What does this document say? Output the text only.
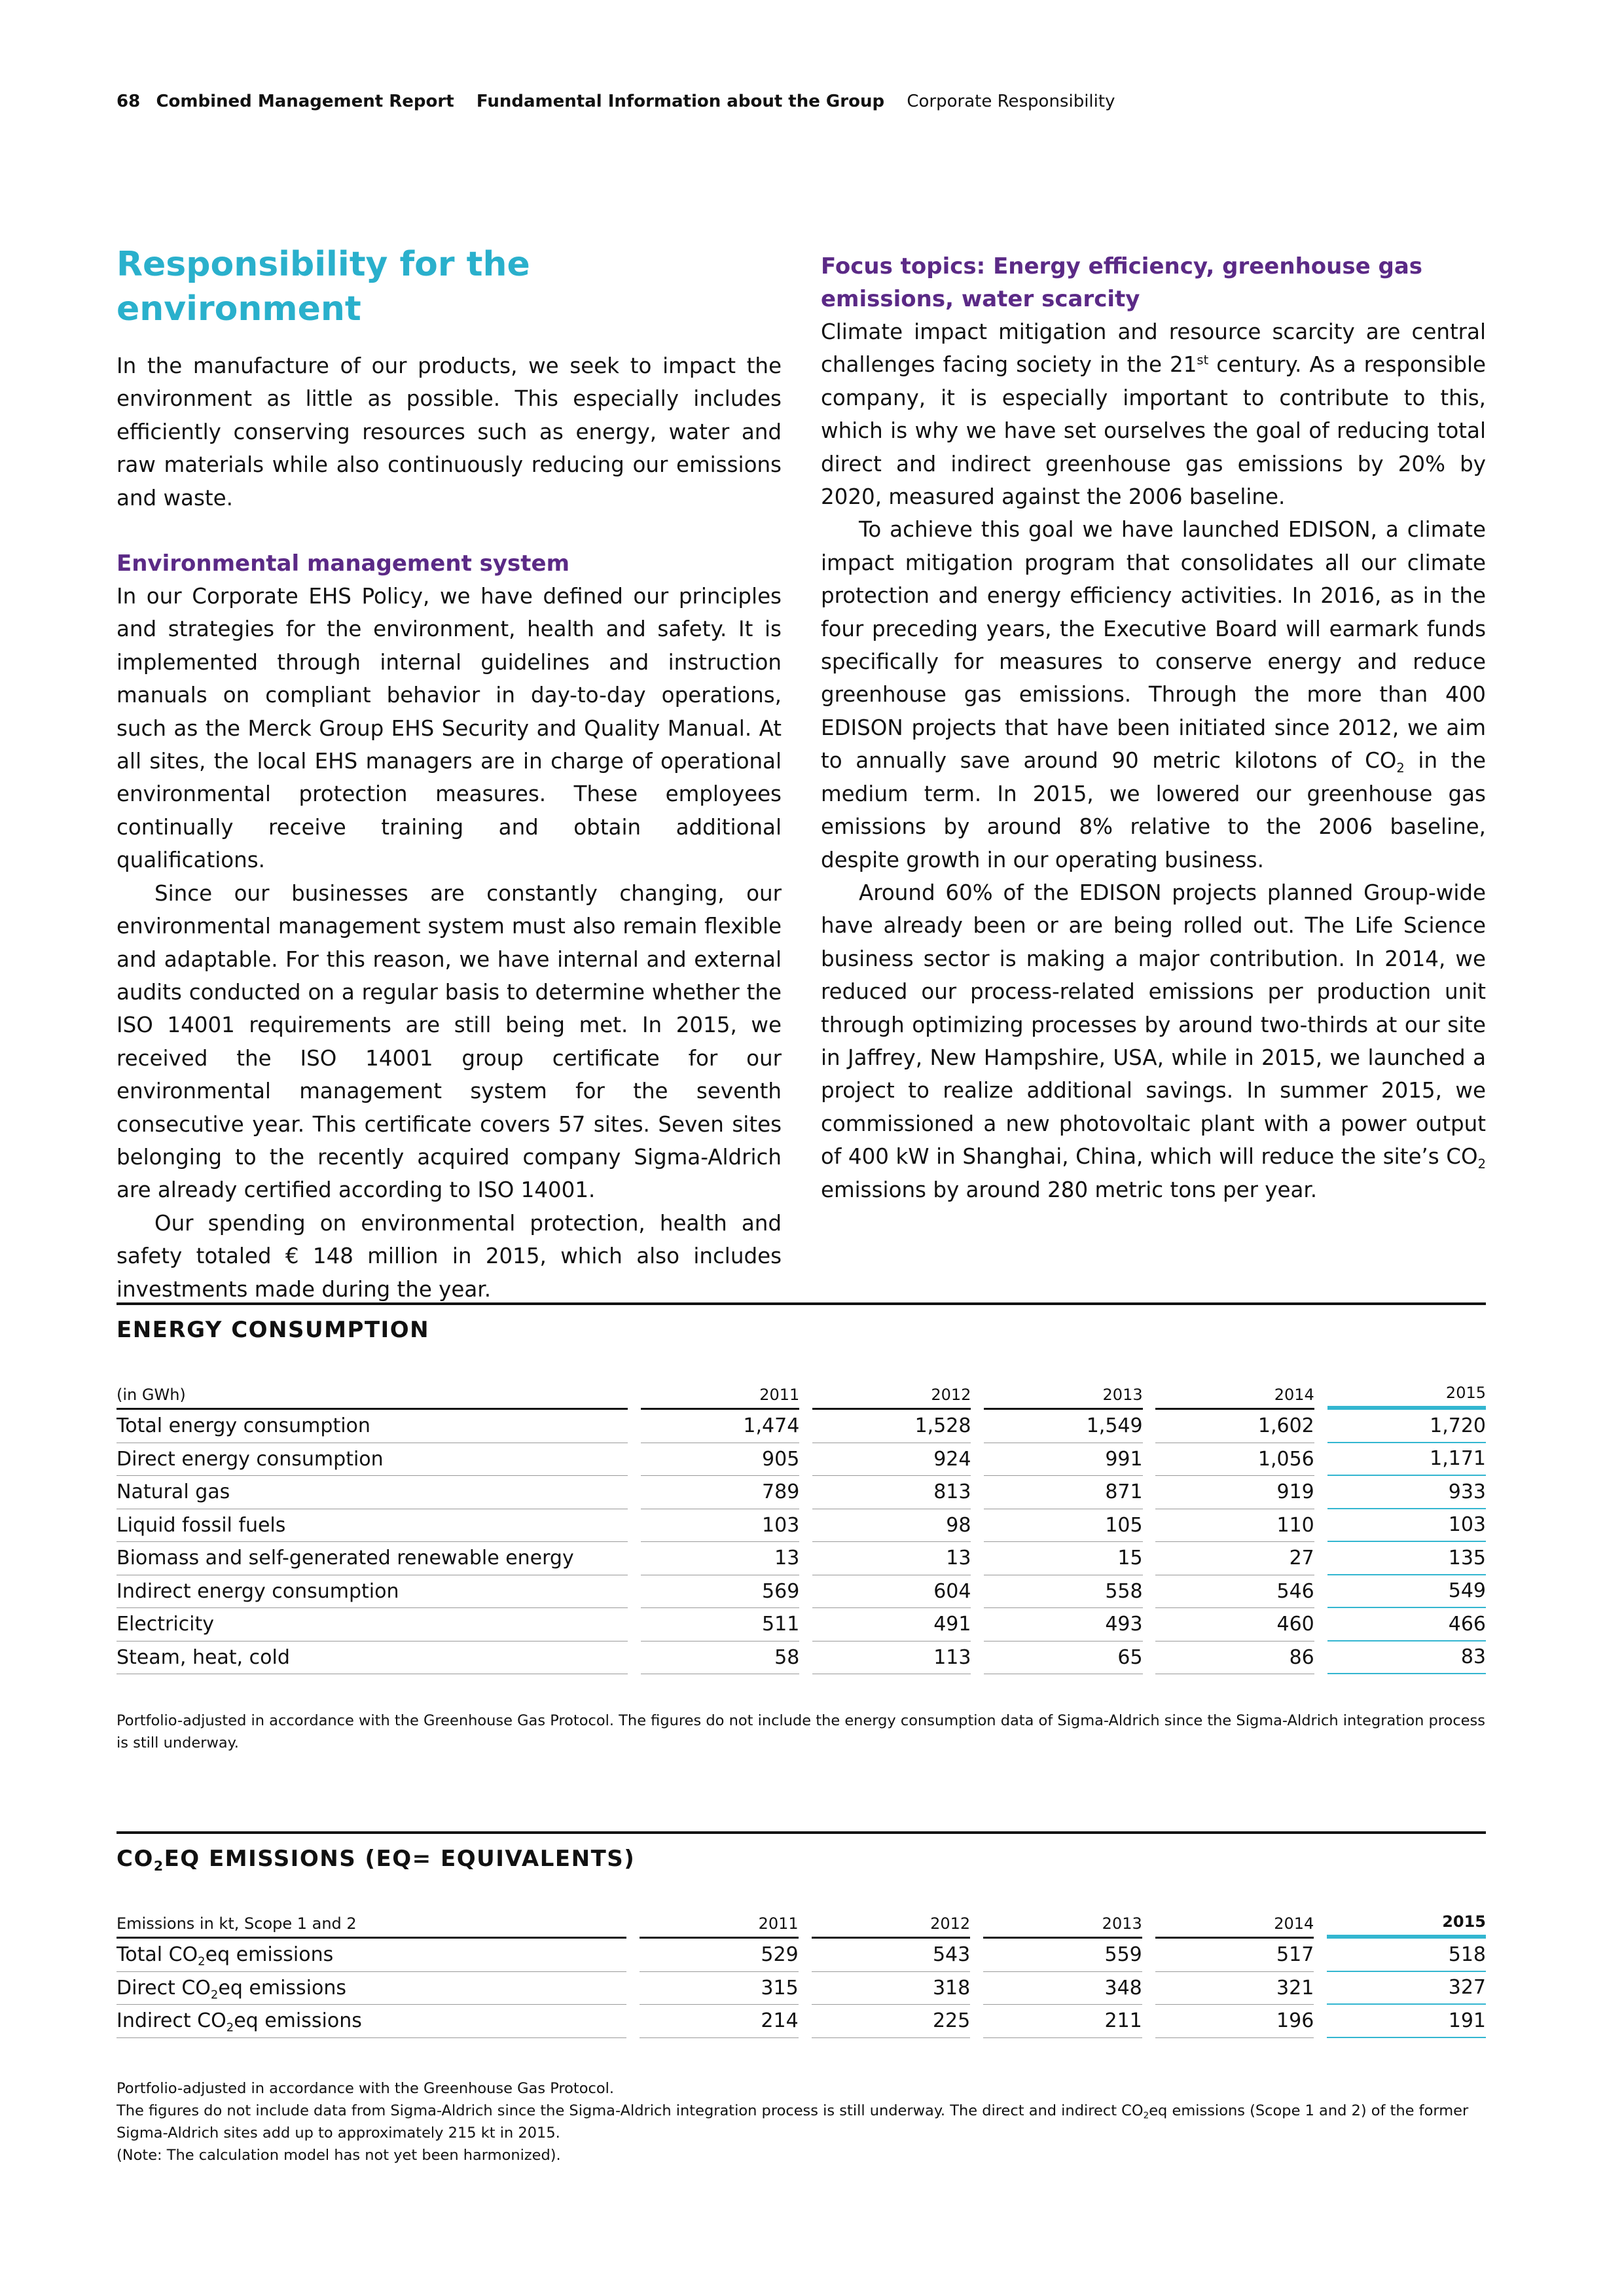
68 Combined Management Report Fundamental Information about the Group Corporate Responsibility
Responsibility for the environment

In the manufacture of our products, we seek to impact the environment as little as possible. This especially includes efficiently conserving resources such as energy, water and raw materials while also continuously reducing our emissions and waste.

Environmental management system

In our Corporate EHS Policy, we have defined our principles and strategies for the environment, health and safety. It is implemented through internal guidelines and instruction manuals on compliant behavior in day-to-day operations, such as the Merck Group EHS Security and Quality Manual. At all sites, the local EHS managers are in charge of operational environmental protection measures. These employees continually receive training and obtain additional qualifications.

Since our businesses are constantly changing, our environmental management system must also remain flexible and adaptable. For this reason, we have internal and external audits conducted on a regular basis to determine whether the ISO 14001 requirements are still being met. In 2015, we received the ISO 14001 group certificate for our environmental management system for the seventh consecutive year. This certificate covers 57 sites. Seven sites belonging to the recently acquired company Sigma-Aldrich are already certified according to ISO 14001.

Our spending on environmental protection, health and safety totaled € 148 million in 2015, which also includes investments made during the year.

Focus topics: Energy efficiency, greenhouse gas emissions, water scarcity

Climate impact mitigation and resource scarcity are central challenges facing society in the 21st century. As a responsible company, it is especially important to contribute to this, which is why we have set ourselves the goal of reducing total direct and indirect greenhouse gas emissions by 20% by 2020, measured against the 2006 baseline.

To achieve this goal we have launched EDISON, a climate impact mitigation program that consolidates all our climate protection and energy efficiency activities. In 2016, as in the four preceding years, the Executive Board will earmark funds specifically for measures to conserve energy and reduce greenhouse gas emissions. Through the more than 400 EDISON projects that have been initiated since 2012, we aim to annually save around 90 metric kilotons of $CO_2$ in the medium term. In 2015, we lowered our greenhouse gas emissions by around 8% relative to the 2006 baseline, despite growth in our operating business.

Around 60% of the EDISON projects planned Group-wide have already been or are being rolled out. The Life Science business sector is making a major contribution. In 2014, we reduced our process-related emissions per production unit through optimizing processes by around two-thirds at our site in Jaffrey, New Hampshire, USA, while in 2015, we launched a project to realize additional savings. In summer 2015, we commissioned a new photovoltaic plant with a power output of 400 kW in Shanghai, China, which will reduce the site’s $CO_2$ emissions by around 280 metric tons per year.

ENERGY CONSUMPTION
(in GWh)		2011		2012		2013		2014		2015
Total energy consumption		1,474		1,528		1,549		1,602		1,720
Direct energy consumption		905		924		991		1,056		1,171
Natural gas		789		813		871		919		933
Liquid fossil fuels		103		98		105		110		103
Biomass and self-generated renewable energy		13		13		15		27		135
Indirect energy consumption		569		604		558		546		549
Electricity		511		491		493		460		466
Steam, heat, cold		58		113		65		86		83
Portfolio-adjusted in accordance with the Greenhouse Gas Protocol. The figures do not include the energy consumption data of Sigma-Aldrich since the Sigma-Aldrich integration process is still underway.
$CO_2EQ$ EMISSIONS (EQ= EQUIVALENTS)
Emissions in kt, Scope 1 and 2		2011		2012		2013		2014		2015
Total $CO_2eq$ emissions		529		543		559		517		518
Direct $CO_2eq$ emissions		315		318		348		321		327
Indirect $CO_2eq$ emissions		214		225		211		196		191
Portfolio-adjusted in accordance with the Greenhouse Gas Protocol.
The figures do not include data from Sigma-Aldrich since the Sigma-Aldrich integration process is still underway. The direct and indirect $CO_2eq$ emissions (Scope 1 and 2) of the former Sigma-Aldrich sites add up to approximately 215 kt in 2015.
(Note: The calculation model has not yet been harmonized).
